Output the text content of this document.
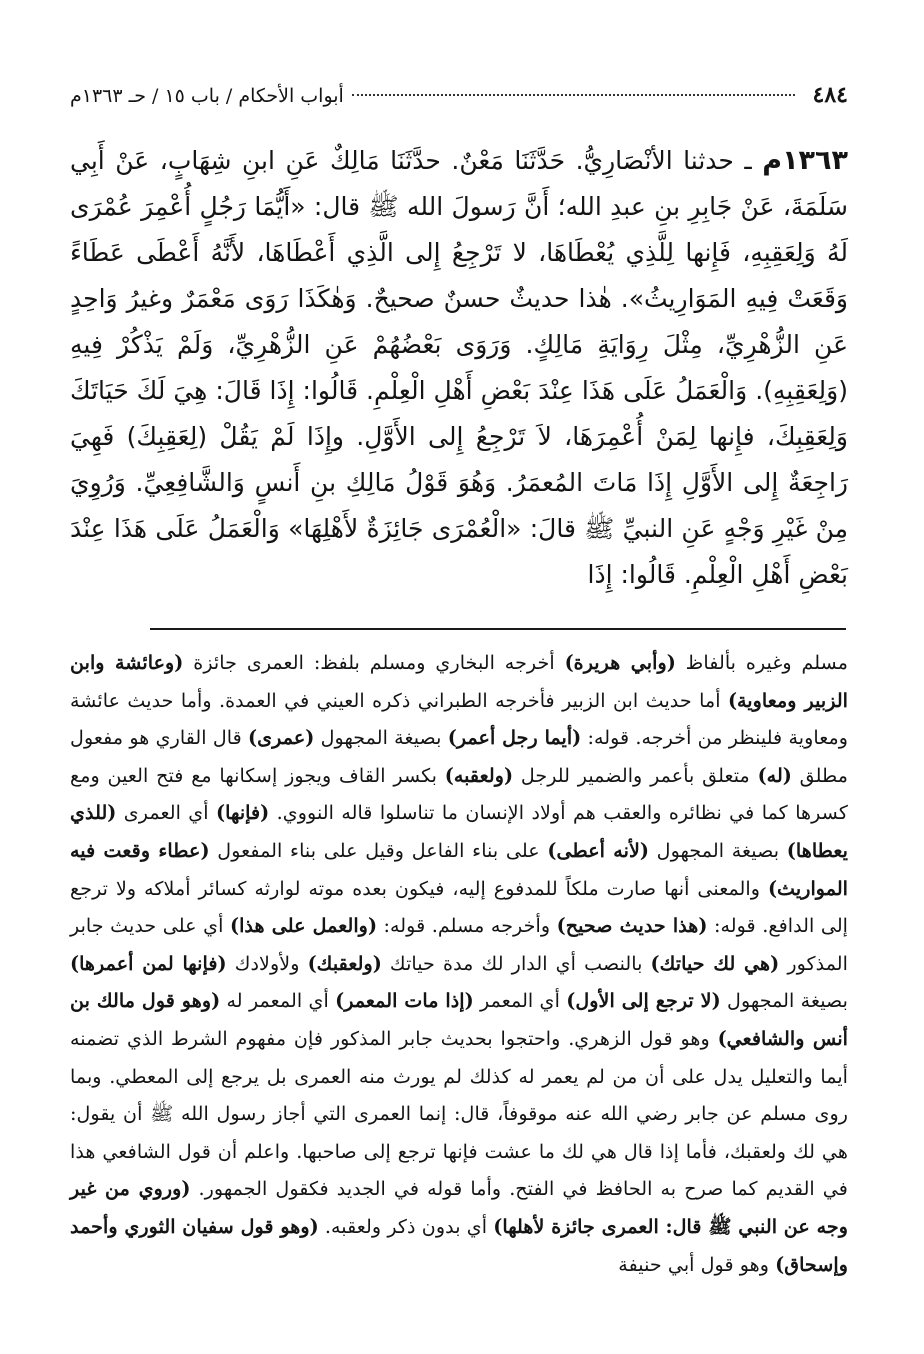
٤٨٤
أبواب الأحكام / باب ١٥ / حـ ١٣٦٣م
١٣٦٣م ـ حدثنا الأنْصَارِيُّ. حَدَّثَنَا مَعْنٌ. حدَّثَنَا مَالِكٌ عَنِ ابنِ شِهَابٍ، عَنْ أَبِي سَلَمَةَ، عَنْ جَابِرِ بنِ عبدِ الله؛ أَنَّ رَسولَ الله ﷺ قال: «أَيُّمَا رَجُلٍ أُعْمِرَ عُمْرَى لَهُ وَلِعَقِبِهِ، فَإِنها لِلَّذِي يُعْطَاهَا، لا تَرْجِعُ إِلى الَّذِي أَعْطَاهَا، لأَنَّهُ أَعْطَى عَطَاءً وَقَعَتْ فِيهِ المَوَارِيثُ». هٰذا حديثٌ حسنٌ صحيحٌ. وَهٰكَذَا رَوَى مَعْمَرٌ وغيرُ وَاحِدٍ عَنِ الزُّهْرِيِّ، مِثْلَ رِوَايَةِ مَالِكٍ. وَرَوَى بَعْضُهُمْ عَنِ الزُّهْرِيِّ، وَلَمْ يَذْكُرْ فِيهِ (وَلِعَقِبِهِ). وَالْعَمَلُ عَلَى هَذَا عِنْدَ بَعْضِ أَهْلِ الْعِلْمِ. قَالُوا: إِذَا قَالَ: هِيَ لَكَ حَيَاتَكَ وَلِعَقِبِكَ، فإِنها لِمَنْ أُعْمِرَهَا، لاَ تَرْجِعُ إِلى الأَوَّلِ. وإِذَا لَمْ يَقُلْ (لِعَقِبِكَ) فَهِيَ رَاجِعَةٌ إِلى الأَوَّلِ إِذَا مَاتَ المُعمَرُ. وَهُوَ قَوْلُ مَالِكِ بنِ أَنسٍ وَالشَّافِعِيِّ. وَرُوِيَ مِنْ غَيْرِ وَجْهٍ عَنِ النبيِّ ﷺ قالَ: «الْعُمْرَى جَائِزَةٌ لأَهْلِهَا» وَالْعَمَلُ عَلَى هَذَا عِنْدَ بَعْضِ أَهْلِ الْعِلْمِ. قَالُوا: إِذَا
مسلم وغيره بألفاظ (وأبي هريرة) أخرجه البخاري ومسلم بلفظ: العمرى جائزة (وعائشة وابن الزبير ومعاوية) أما حديث ابن الزبير فأخرجه الطبراني ذكره العيني في العمدة. وأما حديث عائشة ومعاوية فلينظر من أخرجه. قوله: (أيما رجل أعمر) بصيغة المجهول (عمرى) قال القاري هو مفعول مطلق (له) متعلق بأعمر والضمير للرجل (ولعقبه) بكسر القاف ويجوز إسكانها مع فتح العين ومع كسرها كما في نظائره والعقب هم أولاد الإنسان ما تناسلوا قاله النووي. (فإنها) أي العمرى (للذي يعطاها) بصيغة المجهول (لأنه أعطى) على بناء الفاعل وقيل على بناء المفعول (عطاء وقعت فيه المواريث) والمعنى أنها صارت ملكاً للمدفوع إليه، فيكون بعده موته لوارثه كسائر أملاكه ولا ترجع إلى الدافع. قوله: (هذا حديث صحيح) وأخرجه مسلم. قوله: (والعمل على هذا) أي على حديث جابر المذكور (هي لك حياتك) بالنصب أي الدار لك مدة حياتك (ولعقبك) ولأولادك (فإنها لمن أعمرها) بصيغة المجهول (لا ترجع إلى الأول) أي المعمر (إذا مات المعمر) أي المعمر له (وهو قول مالك بن أنس والشافعي) وهو قول الزهري. واحتجوا بحديث جابر المذكور فإن مفهوم الشرط الذي تضمنه أيما والتعليل يدل على أن من لم يعمر له كذلك لم يورث منه العمرى بل يرجع إلى المعطي. وبما روى مسلم عن جابر رضي الله عنه موقوفاً، قال: إنما العمرى التي أجاز رسول الله ﷺ أن يقول: هي لك ولعقبك، فأما إذا قال هي لك ما عشت فإنها ترجع إلى صاحبها. واعلم أن قول الشافعي هذا في القديم كما صرح به الحافظ في الفتح. وأما قوله في الجديد فكقول الجمهور. (وروي من غير وجه عن النبي ﷺ قال: العمرى جائزة لأهلها) أي بدون ذكر ولعقبه. (وهو قول سفيان الثوري وأحمد وإسحاق) وهو قول أبي حنيفة
